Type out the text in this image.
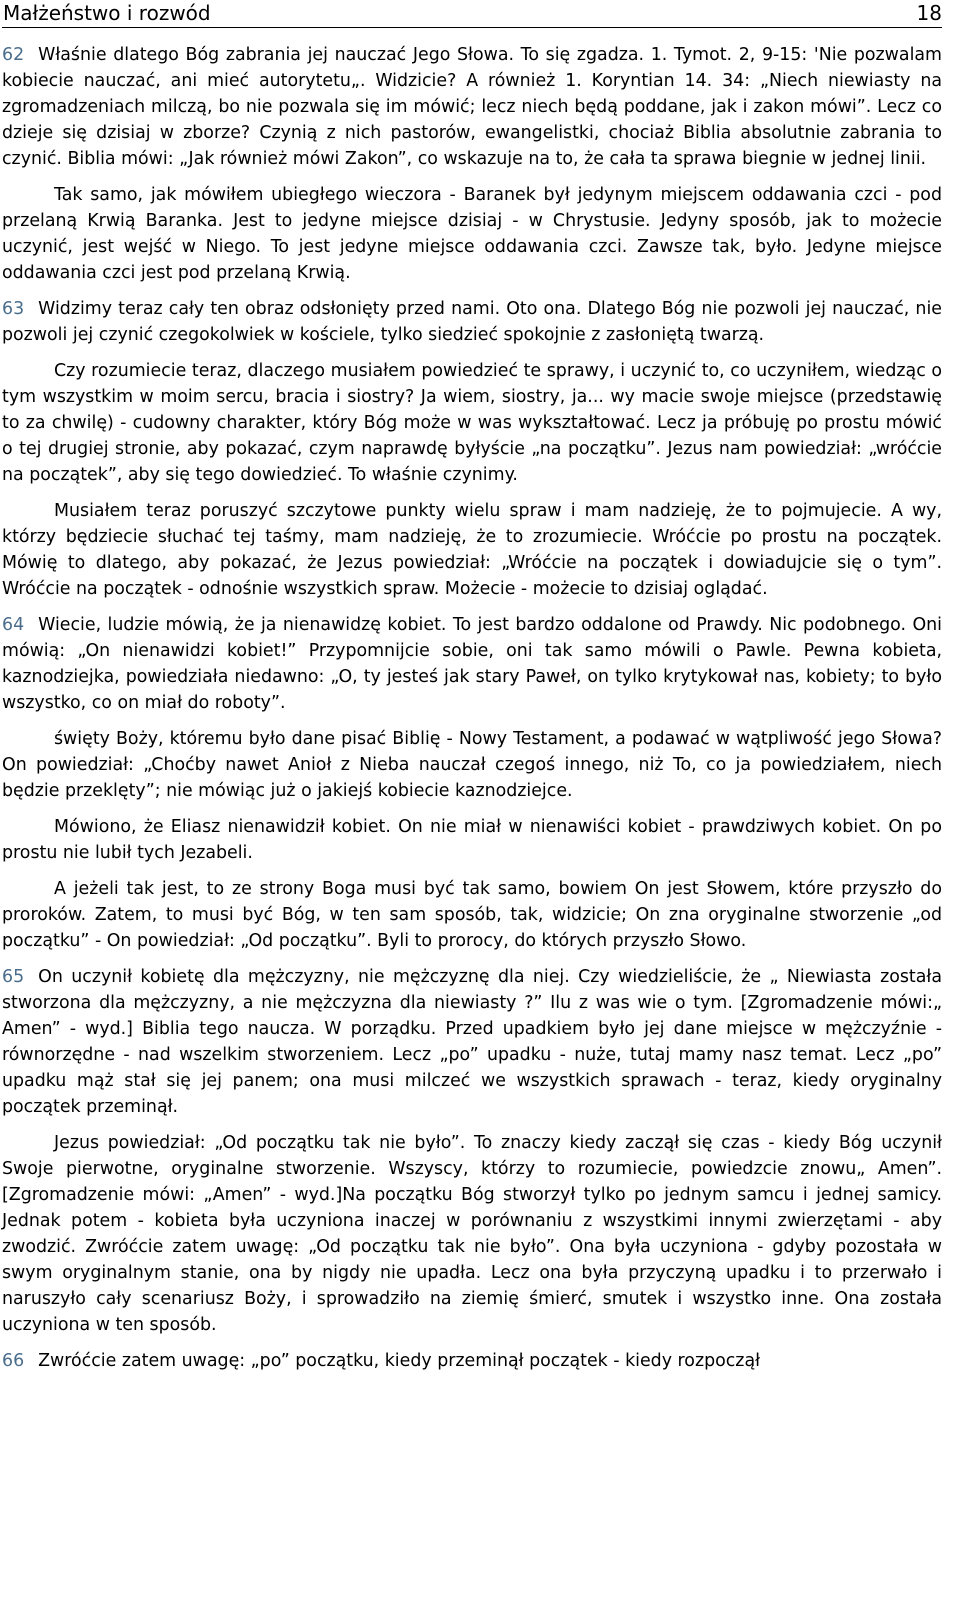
Małżeństwo i rozwód	18

62 Właśnie dlatego Bóg zabrania jej nauczać Jego Słowa. To się zgadza. 1. Tymot. 2, 9-15: 'Nie pozwalam kobiecie nauczać, ani mieć autorytetu„. Widzicie? A również 1. Koryntian 14. 34: „Niech niewiasty na zgromadzeniach milczą, bo nie pozwala się im mówić; lecz niech będą poddane, jak i zakon mówi”. Lecz co dzieje się dzisiaj w zborze? Czynią z nich pastorów, ewangelistki, chociaż Biblia absolutnie zabrania to czynić. Biblia mówi: „Jak również mówi Zakon”, co wskazuje na to, że cała ta sprawa biegnie w jednej linii.

Tak samo, jak mówiłem ubiegłego wieczora - Baranek był jedynym miejscem oddawania czci - pod przelaną Krwią Baranka. Jest to jedyne miejsce dzisiaj - w Chrystusie. Jedyny sposób, jak to możecie uczynić, jest wejść w Niego. To jest jedyne miejsce oddawania czci. Zawsze tak, było. Jedyne miejsce oddawania czci jest pod przelaną Krwią.

63 Widzimy teraz cały ten obraz odsłonięty przed nami. Oto ona. Dlatego Bóg nie pozwoli jej nauczać, nie pozwoli jej czynić czegokolwiek w kościele, tylko siedzieć spokojnie z zasłoniętą twarzą.

Czy rozumiecie teraz, dlaczego musiałem powiedzieć te sprawy, i uczynić to, co uczyniłem, wiedząc o tym wszystkim w moim sercu, bracia i siostry? Ja wiem, siostry, ja... wy macie swoje miejsce (przedstawię to za chwilę) - cudowny charakter, który Bóg może w was wykształtować. Lecz ja próbuję po prostu mówić o tej drugiej stronie, aby pokazać, czym naprawdę byłyście „na początku”. Jezus nam powiedział: „wróćcie na początek”, aby się tego dowiedzieć. To właśnie czynimy.

Musiałem teraz poruszyć szczytowe punkty wielu spraw i mam nadzieję, że to pojmujecie. A wy, którzy będziecie słuchać tej taśmy, mam nadzieję, że to zrozumiecie. Wróćcie po prostu na początek. Mówię to dlatego, aby pokazać, że Jezus powiedział: „Wróćcie na początek i dowiadujcie się o tym”. Wróćcie na początek - odnośnie wszystkich spraw. Możecie - możecie to dzisiaj oglądać.

64 Wiecie, ludzie mówią, że ja nienawidzę kobiet. To jest bardzo oddalone od Prawdy. Nic podobnego. Oni mówią: „On nienawidzi kobiet!” Przypomnijcie sobie, oni tak samo mówili o Pawle. Pewna kobieta, kaznodziejka, powiedziała niedawno: „O, ty jesteś jak stary Paweł, on tylko krytykował nas, kobiety; to było wszystko, co on miał do roboty”.

święty Boży, któremu było dane pisać Biblię - Nowy Testament, a podawać w wątpliwość jego Słowa? On powiedział: „Choćby nawet Anioł z Nieba nauczał czegoś innego, niż To, co ja powiedziałem, niech będzie przeklęty”; nie mówiąc już o jakiejś kobiecie kaznodziejce.

Mówiono, że Eliasz nienawidził kobiet. On nie miał w nienawiści kobiet - prawdziwych kobiet. On po prostu nie lubił tych Jezabeli.

A jeżeli tak jest, to ze strony Boga musi być tak samo, bowiem On jest Słowem, które przyszło do proroków. Zatem, to musi być Bóg, w ten sam sposób, tak, widzicie; On zna oryginalne stworzenie „od początku” - On powiedział: „Od początku”. Byli to prorocy, do których przyszło Słowo.

65 On uczynił kobietę dla mężczyzny, nie mężczyznę dla niej. Czy wiedzieliście, że „ Niewiasta została stworzona dla mężczyzny, a nie mężczyzna dla niewiasty ?” Ilu z was wie o tym. [Zgromadzenie mówi:„ Amen” - wyd.] Biblia tego naucza. W porządku. Przed upadkiem było jej dane miejsce w mężczyźnie - równorzędne - nad wszelkim stworzeniem. Lecz „po” upadku - nuże, tutaj mamy nasz temat. Lecz „po” upadku mąż stał się jej panem; ona musi milczeć we wszystkich sprawach - teraz, kiedy oryginalny początek przeminął.

Jezus powiedział: „Od początku tak nie było”. To znaczy kiedy zaczął się czas - kiedy Bóg uczynił Swoje pierwotne, oryginalne stworzenie. Wszyscy, którzy to rozumiecie, powiedzcie znowu„ Amen”. [Zgromadzenie mówi: „Amen” - wyd.]Na początku Bóg stworzył tylko po jednym samcu i jednej samicy. Jednak potem - kobieta była uczyniona inaczej w porównaniu z wszystkimi innymi zwierzętami - aby zwodzić. Zwróćcie zatem uwagę: „Od początku tak nie było”. Ona była uczyniona - gdyby pozostała w swym oryginalnym stanie, ona by nigdy nie upadła. Lecz ona była przyczyną upadku i to przerwało i naruszyło cały scenariusz Boży, i sprowadziło na ziemię śmierć, smutek i wszystko inne. Ona została uczyniona w ten sposób.

66 Zwróćcie zatem uwagę: „po” początku, kiedy przeminął początek - kiedy rozpoczął
